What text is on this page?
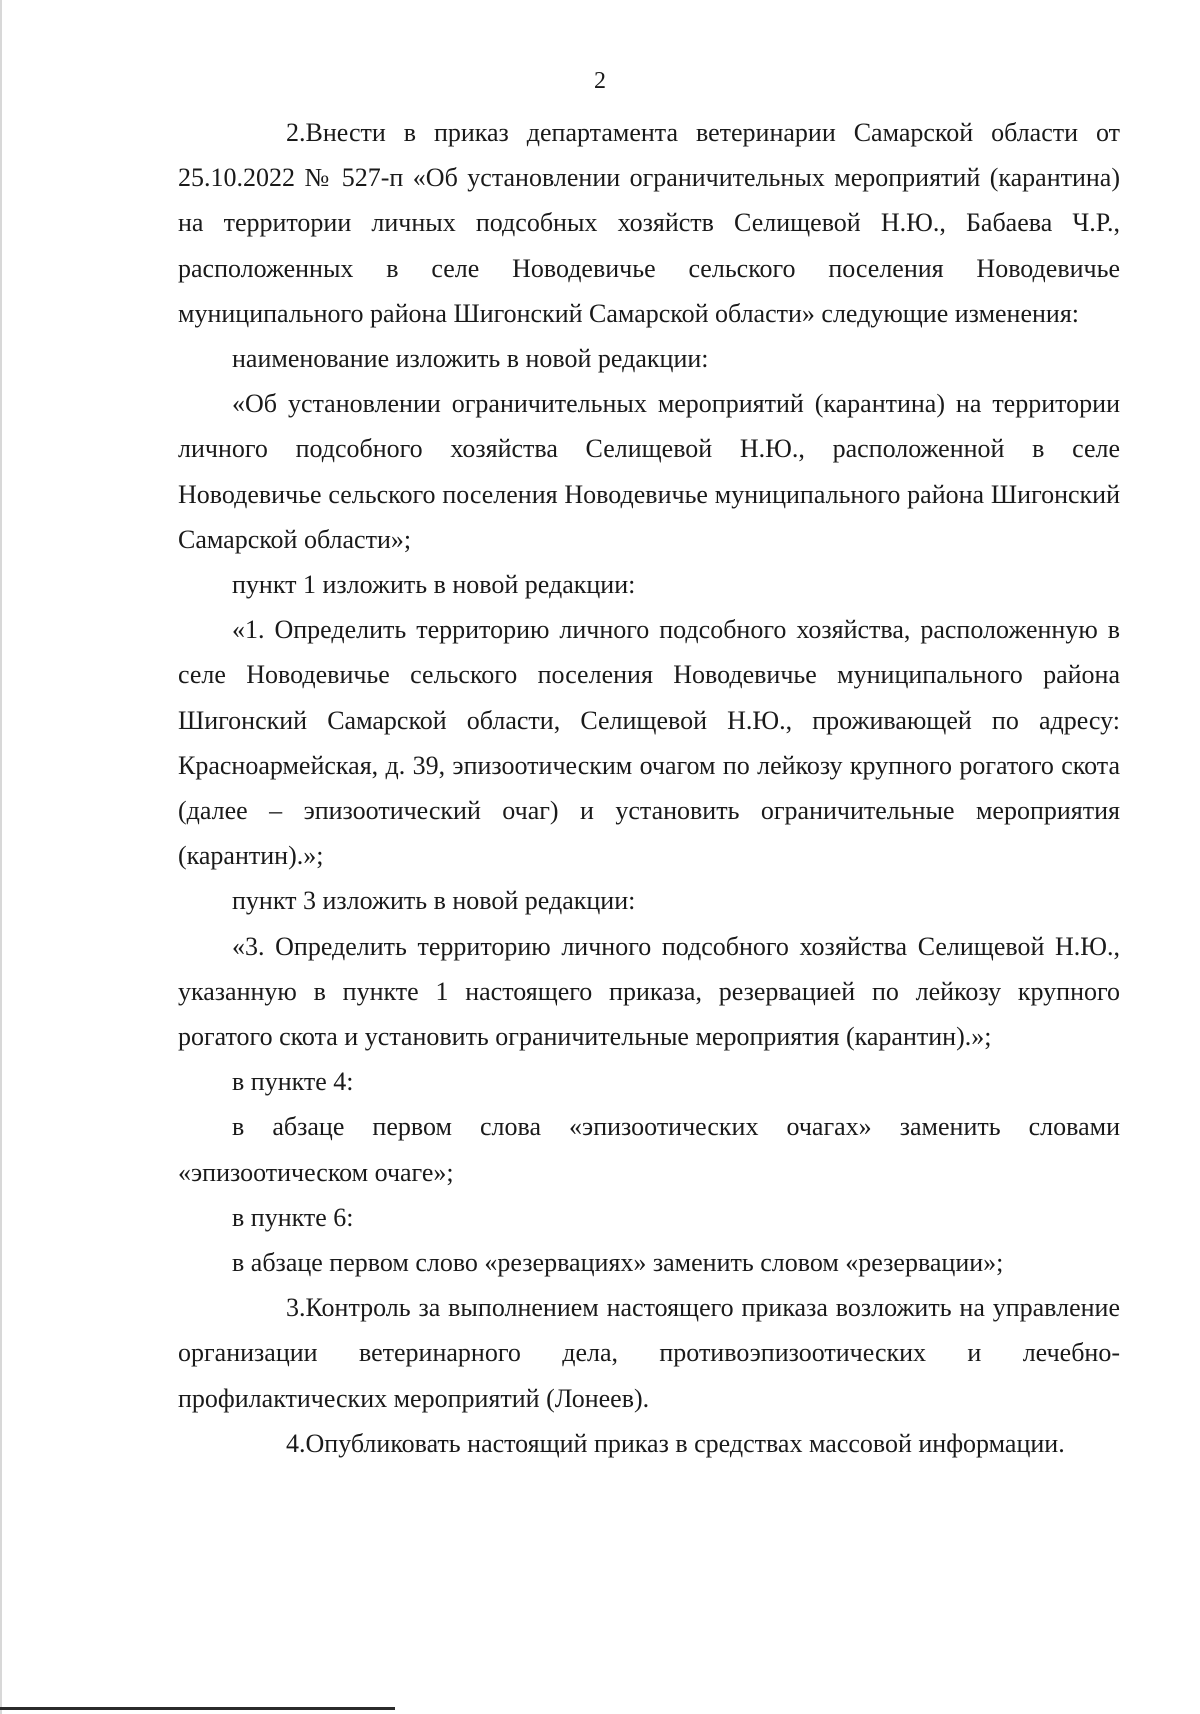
2

2.Внести в приказ департамента ветеринарии Самарской области от 25.10.2022 № 527-п «Об установлении ограничительных мероприятий (карантина) на территории личных подсобных хозяйств Селищевой Н.Ю., Бабаева Ч.Р., расположенных в селе Новодевичье сельского поселения Новодевичье муниципального района Шигонский Самарской области» следующие изменения:

наименование изложить в новой редакции:

«Об установлении ограничительных мероприятий (карантина) на территории личного подсобного хозяйства Селищевой Н.Ю., расположенной в селе Новодевичье сельского поселения Новодевичье муниципального района Шигонский Самарской области»;

пункт 1 изложить в новой редакции:

«1. Определить территорию личного подсобного хозяйства, расположенную в селе Новодевичье сельского поселения Новодевичье муниципального района Шигонский Самарской области, Селищевой Н.Ю., проживающей по адресу: Красноармейская, д. 39, эпизоотическим очагом по лейкозу крупного рогатого скота (далее – эпизоотический очаг) и установить ограничительные мероприятия (карантин).»;

пункт 3 изложить в новой редакции:

«3. Определить территорию личного подсобного хозяйства Селищевой Н.Ю., указанную в пункте 1 настоящего приказа, резервацией по лейкозу крупного рогатого скота и установить ограничительные мероприятия (карантин).»;

в пункте 4:

в абзаце первом слова «эпизоотических очагах» заменить словами «эпизоотическом очаге»;

в пункте 6:

в абзаце первом слово «резервациях» заменить словом «резервации»;

3.Контроль за выполнением настоящего приказа возложить на управление организации ветеринарного дела, противоэпизоотических и лечебно-профилактических мероприятий (Лонеев).

4.Опубликовать настоящий приказ в средствах массовой информации.
